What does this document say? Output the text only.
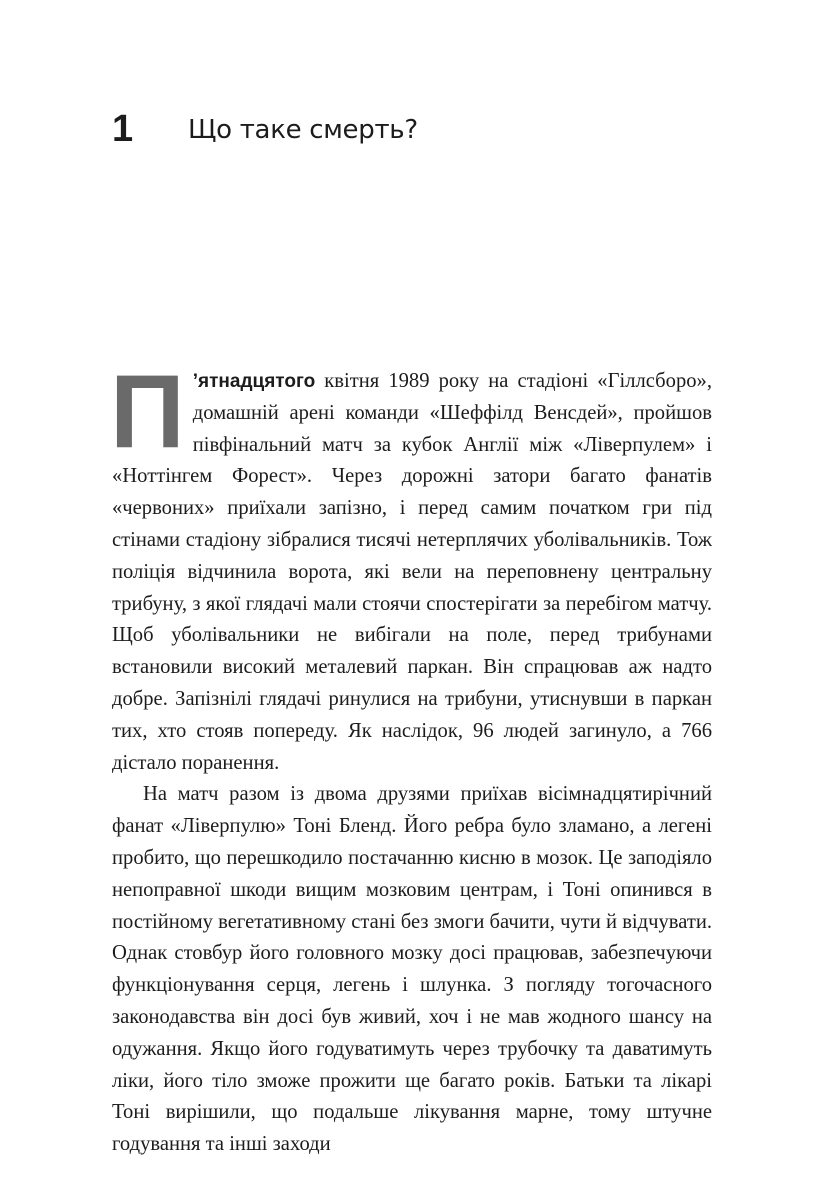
1 Що таке смерть?

П ’ятнадцятого квітня 1989 року на стадіоні «Гіллсборо», домашній арені команди «Шеффілд Венсдей», пройшов півфінальний матч за кубок Англії між «Ліверпулем» і «Ноттінгем Форест». Через дорожні затори багато фанатів «червоних» приїхали запізно, і перед самим початком гри під стінами стадіону зібралися тисячі нетерплячих уболівальників. Тож поліція відчинила ворота, які вели на переповнену центральну трибуну, з якої глядачі мали стоячи спостерігати за перебігом матчу. Щоб уболівальники не вибігали на поле, перед трибунами встановили високий металевий паркан. Він спрацював аж надто добре. Запізнілі глядачі ринулися на трибуни, утиснувши в паркан тих, хто стояв попереду. Як наслідок, 96 людей загинуло, а 766 дістало поранення.

На матч разом із двома друзями приїхав вісімнадцятирічний фанат «Ліверпулю» Тоні Бленд. Його ребра було зламано, а легені пробито, що перешкодило постачанню кисню в мозок. Це заподіяло непоправної шкоди вищим мозковим центрам, і Тоні опинився в постійному вегетативному стані без змоги бачити, чути й відчувати. Однак стовбур його головного мозку досі працював, забезпечуючи функціонування серця, легень і шлунка. З погляду тогочасного законодавства він досі був живий, хоч і не мав жодного шансу на одужання. Якщо його годуватимуть через трубочку та даватимуть ліки, його тіло зможе прожити ще багато років. Батьки та лікарі Тоні вирішили, що подальше лікування марне, тому штучне годування та інші заходи
